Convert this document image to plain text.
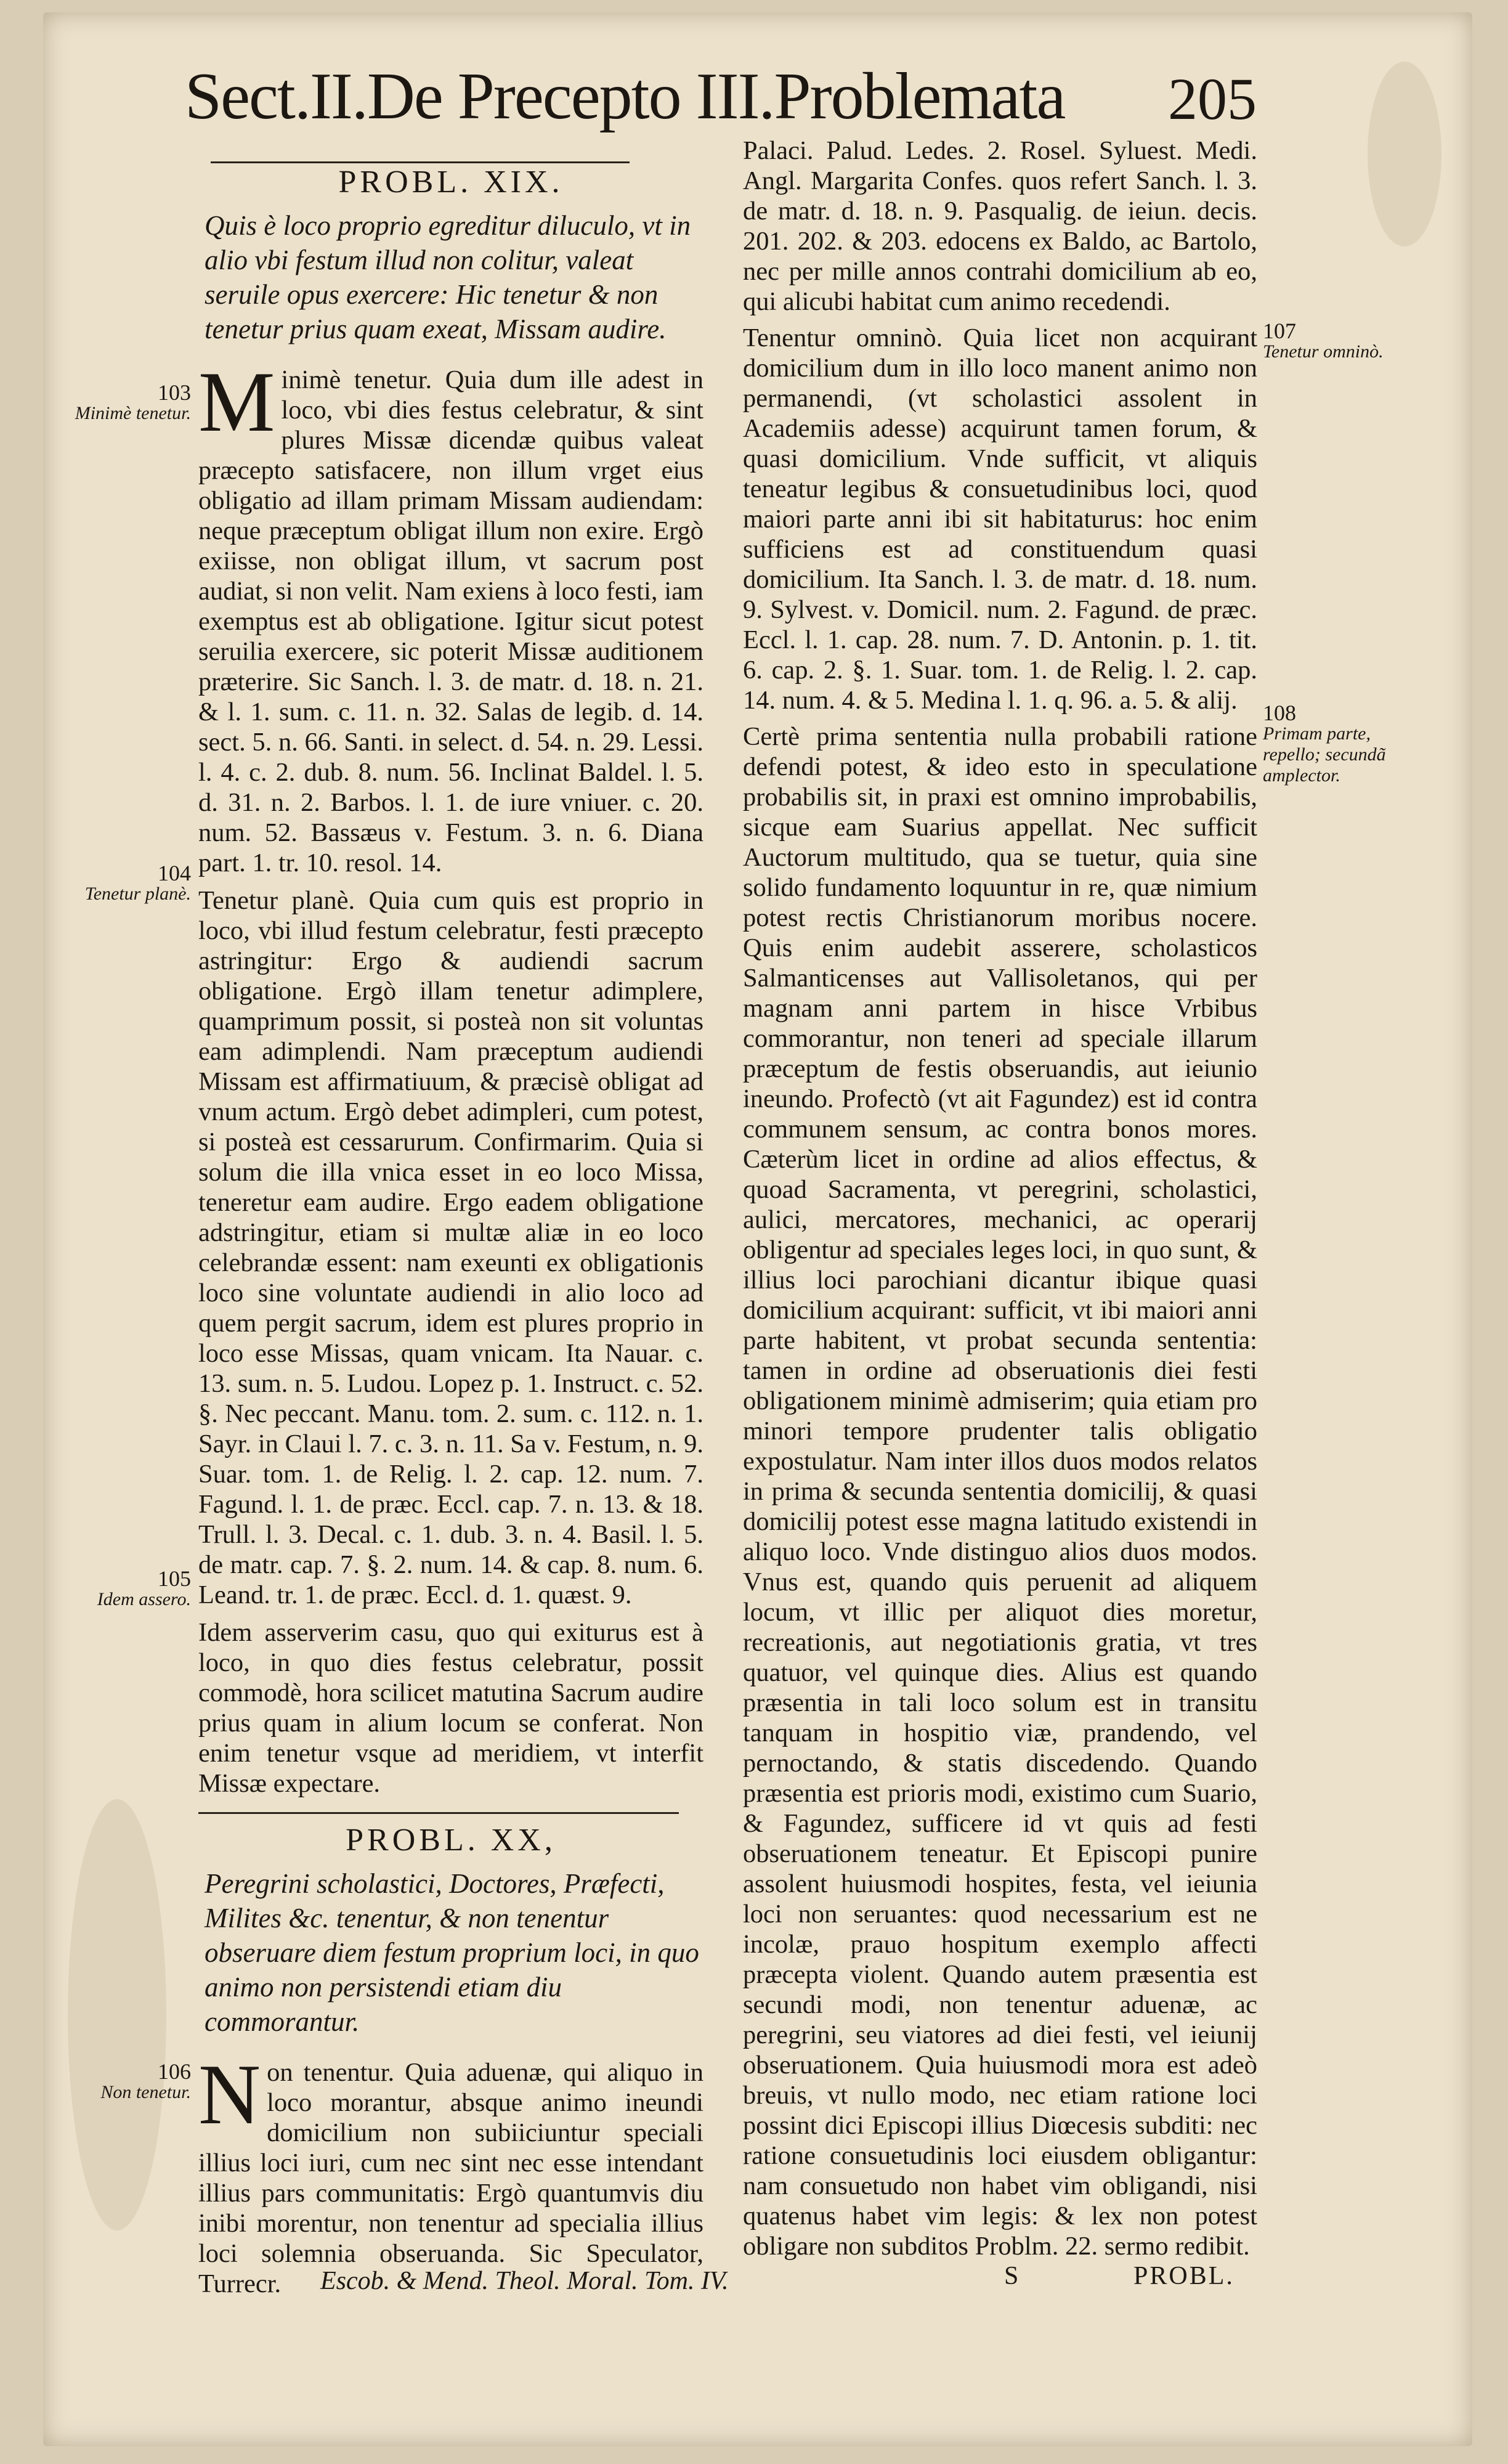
Sect.II.De Precepto III.Problemata 205
PROBL. XIX.
Quis è loco proprio egreditur diluculo, vt in alio vbi festum illud non colitur, valeat seruile opus exercere: Hic tenetur & non tenetur prius quam exeat, Missam audire.
M inimè tenetur. Quia dum ille adest in loco, vbi dies festus celebratur, & sint plures Missæ dicendæ quibus valeat præcepto satisfacere, non illum vrget eius obligatio ad illam primam Missam audiendam: neque præceptum obligat illum non exire. Ergò exiisse, non obligat illum, vt sacrum post audiat, si non velit. Nam exiens à loco festi, iam exemptus est ab obligatione. Igitur sicut potest seruilia exercere, sic poterit Missæ auditionem præterire. Sic Sanch. l. 3. de matr. d. 18. n. 21. & l. 1. sum. c. 11. n. 32. Salas de legib. d. 14. sect. 5. n. 66. Santi. in select. d. 54. n. 29. Lessi. l. 4. c. 2. dub. 8. num. 56. Inclinat Baldel. l. 5. d. 31. n. 2. Barbos. l. 1. de iure vniuer. c. 20. num. 52. Bassæus v. Festum. 3. n. 6. Diana part. 1. tr. 10. resol. 14.
Tenetur planè. Quia cum quis est proprio in loco, vbi illud festum celebratur, festi præcepto astringitur: Ergo & audiendi sacrum obligatione. Ergò illam tenetur adimplere, quamprimum possit, si posteà non sit voluntas eam adimplendi. Nam præceptum audiendi Missam est affirmatiuum, & præcisè obligat ad vnum actum. Ergò debet adimpleri, cum potest, si posteà est cessarurum. Confirmarim. Quia si solum die illa vnica esset in eo loco Missa, teneretur eam audire. Ergo eadem obligatione adstringitur, etiam si multæ aliæ in eo loco celebrandæ essent: nam exeunti ex obligationis loco sine voluntate audiendi in alio loco ad quem pergit sacrum, idem est plures proprio in loco esse Missas, quam vnicam. Ita Nauar. c. 13. sum. n. 5. Ludou. Lopez p. 1. Instruct. c. 52. §. Nec peccant. Manu. tom. 2. sum. c. 112. n. 1. Sayr. in Claui l. 7. c. 3. n. 11. Sa v. Festum, n. 9. Suar. tom. 1. de Relig. l. 2. cap. 12. num. 7. Fagund. l. 1. de præc. Eccl. cap. 7. n. 13. & 18. Trull. l. 3. Decal. c. 1. dub. 3. n. 4. Basil. l. 5. de matr. cap. 7. §. 2. num. 14. & cap. 8. num. 6. Leand. tr. 1. de præc. Eccl. d. 1. quæst. 9.
Idem asserverim casu, quo qui exiturus est à loco, in quo dies festus celebratur, possit commodè, hora scilicet matutina Sacrum audire prius quam in alium locum se conferat. Non enim tenetur vsque ad meridiem, vt interfit Missæ expectare.
PROBL. XX,
Peregrini scholastici, Doctores, Præfecti, Milites &c. tenentur, & non tenentur obseruare diem festum proprium loci, in quo animo non persistendi etiam diu commorantur.
N on tenentur. Quia aduenæ, qui aliquo in loco morantur, absque animo ineundi domicilium non subiiciuntur speciali illius loci iuri, cum nec sint nec esse intendant illius pars communitatis: Ergò quantumvis diu inibi morentur, non tenentur ad specialia illius loci solemnia obseruanda. Sic Speculator, Turrecr.
Palaci. Palud. Ledes. 2. Rosel. Syluest. Medi. Angl. Margarita Confes. quos refert Sanch. l. 3. de matr. d. 18. n. 9. Pasqualig. de ieiun. decis. 201. 202. & 203. edocens ex Baldo, ac Bartolo, nec per mille annos contrahi domicilium ab eo, qui alicubi habitat cum animo recedendi.
Tenentur omninò. Quia licet non acquirant domicilium dum in illo loco manent animo non permanendi, (vt scholastici assolent in Academiis adesse) acquirunt tamen forum, & quasi domicilium. Vnde sufficit, vt aliquis teneatur legibus & consuetudinibus loci, quod maiori parte anni ibi sit habitaturus: hoc enim sufficiens est ad constituendum quasi domicilium. Ita Sanch. l. 3. de matr. d. 18. num. 9. Sylvest. v. Domicil. num. 2. Fagund. de præc. Eccl. l. 1. cap. 28. num. 7. D. Antonin. p. 1. tit. 6. cap. 2. §. 1. Suar. tom. 1. de Relig. l. 2. cap. 14. num. 4. & 5. Medina l. 1. q. 96. a. 5. & alij.
Certè prima sententia nulla probabili ratione defendi potest, & ideo esto in speculatione probabilis sit, in praxi est omnino improbabilis, sicque eam Suarius appellat. Nec sufficit Auctorum multitudo, qua se tuetur, quia sine solido fundamento loquuntur in re, quæ nimium potest rectis Christianorum moribus nocere. Quis enim audebit asserere, scholasticos Salmanticenses aut Vallisoletanos, qui per magnam anni partem in hisce Vrbibus commorantur, non teneri ad speciale illarum præceptum de festis obseruandis, aut ieiunio ineundo. Profectò (vt ait Fagundez) est id contra communem sensum, ac contra bonos mores. Cæterùm licet in ordine ad alios effectus, & quoad Sacramenta, vt peregrini, scholastici, aulici, mercatores, mechanici, ac operarij obligentur ad speciales leges loci, in quo sunt, & illius loci parochiani dicantur ibique quasi domicilium acquirant: sufficit, vt ibi maiori anni parte habitent, vt probat secunda sententia: tamen in ordine ad obseruationis diei festi obligationem minimè admiserim; quia etiam pro minori tempore prudenter talis obligatio expostulatur. Nam inter illos duos modos relatos in prima & secunda sententia domicilij, & quasi domicilij potest esse magna latitudo existendi in aliquo loco. Vnde distinguo alios duos modos. Vnus est, quando quis peruenit ad aliquem locum, vt illic per aliquot dies moretur, recreationis, aut negotiationis gratia, vt tres quatuor, vel quinque dies. Alius est quando præsentia in tali loco solum est in transitu tanquam in hospitio viæ, prandendo, vel pernoctando, & statis discedendo. Quando præsentia est prioris modi, existimo cum Suario, & Fagundez, sufficere id vt quis ad festi obseruationem teneatur. Et Episcopi punire assolent huiusmodi hospites, festa, vel ieiunia loci non seruantes: quod necessarium est ne incolæ, prauo hospitum exemplo affecti præcepta violent. Quando autem præsentia est secundi modi, non tenentur aduenæ, ac peregrini, seu viatores ad diei festi, vel ieiunij obseruationem. Quia huiusmodi mora est adeò breuis, vt nullo modo, nec etiam ratione loci possint dici Episcopi illius Diœcesis subditi: nec ratione consuetudinis loci eiusdem obligantur: nam consuetudo non habet vim obligandi, nisi quatenus habet vim legis: & lex non potest obligare non subditos Problm. 22. sermo redibit.
103
Minimè tenetur.
104
Tenetur planè.
105
Idem assero.
106
Non tenetur.
107
Tenetur omninò.
108
Primam parte, repello; secundã amplector.
Escob. & Mend. Theol. Moral. Tom. IV.	S	PROBL.
